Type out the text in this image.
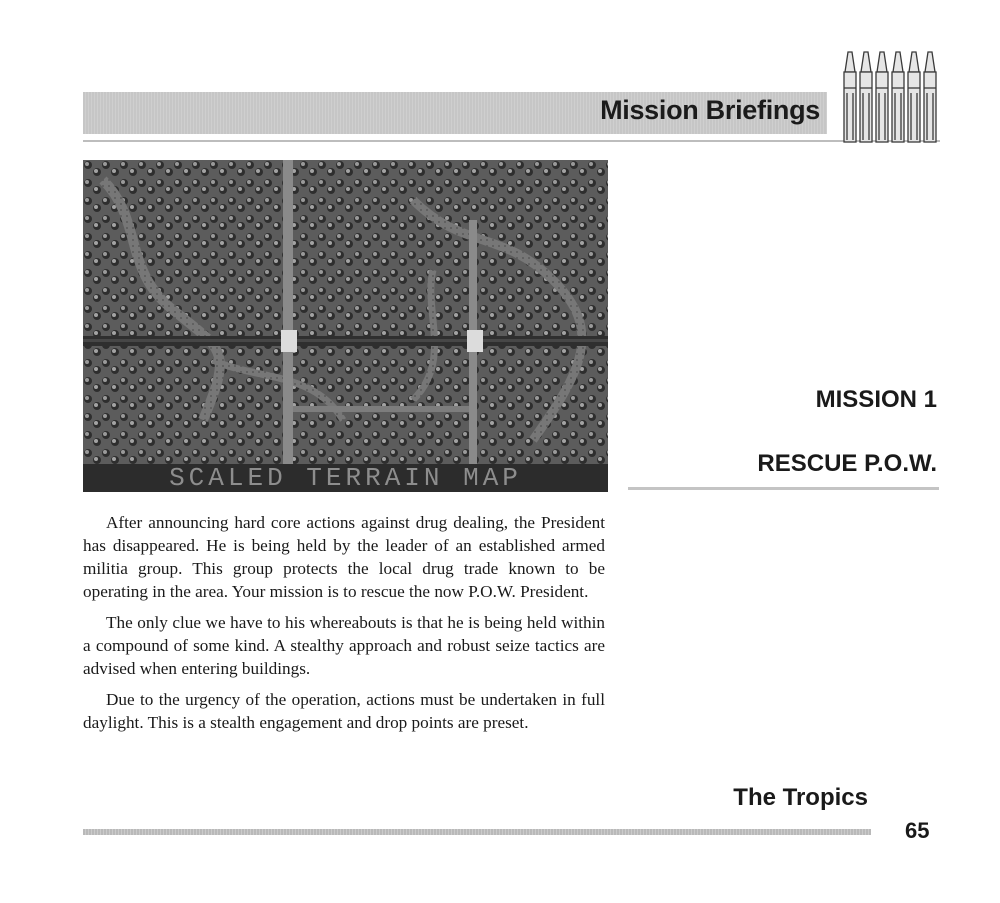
Mission Briefings
SCALED TERRAIN MAP
MISSION 1
RESCUE P.O.W.

After announcing hard core actions against drug dealing, the President has disappeared. He is being held by the leader of an established armed militia group. This group protects the local drug trade known to be operating in the area. Your mission is to rescue the now P.O.W. President.

The only clue we have to his whereabouts is that he is being held within a compound of some kind. A stealthy approach and robust seize tactics are advised when entering buildings.

Due to the urgency of the operation, actions must be undertaken in full daylight. This is a stealth engagement and drop points are preset.

The Tropics
65
